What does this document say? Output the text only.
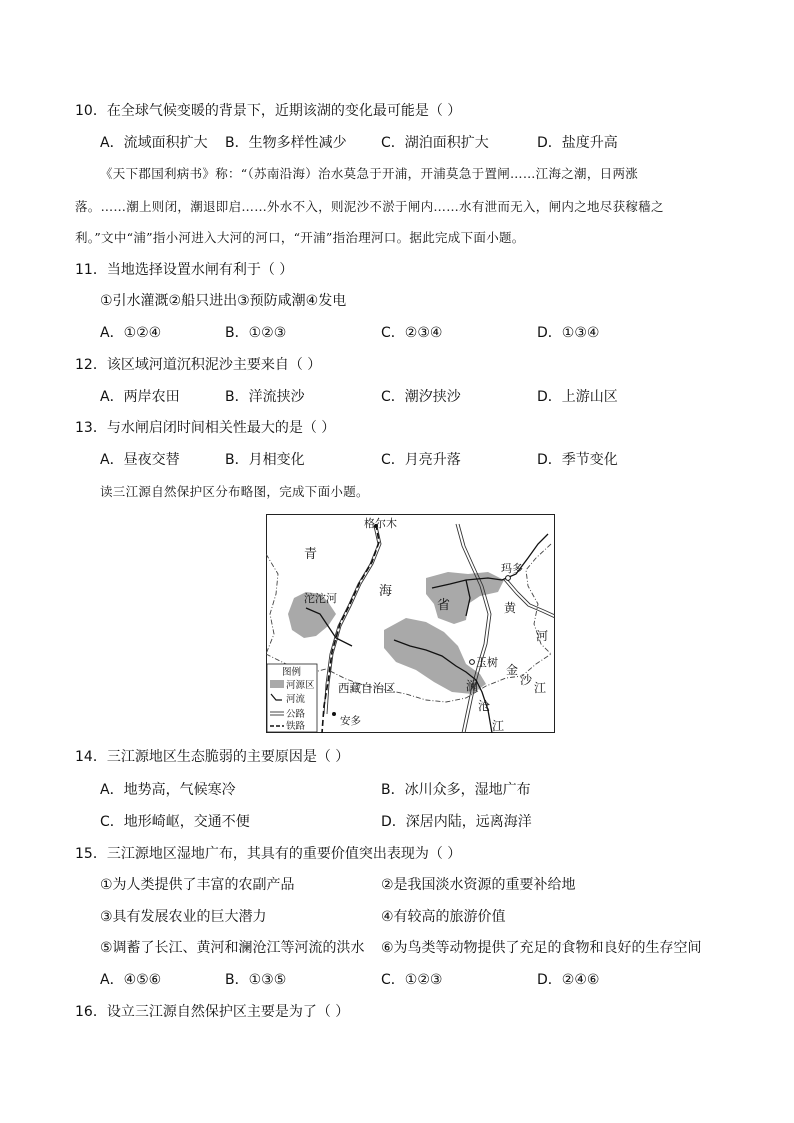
10．在全球气候变暖的背景下，近期该湖的变化最可能是（ ）
A．流域面积扩大 B．生物多样性减少 C．湖泊面积扩大	D．盐度升高
《天下郡国利病书》称：“（苏南沿海）治水莫急于开浦，开浦莫急于置闸……江海之潮，日两涨
落。……潮上则闭，潮退即启……外水不入，则泥沙不淤于闸内……水有泄而无入，闸内之地尽获稼穑之
利。”文中“浦”指小河进入大河的河口，“开浦”指治理河口。据此完成下面小题。
11．当地选择设置水闸有利于（ ）
①引水灌溉②船只进出③预防咸潮④发电
A．①②④	B．①②③	C．②③④	D．①③④
12．该区域河道沉积泥沙主要来自（ ）
A．两岸农田	B．洋流挟沙	C．潮汐挟沙	D．上游山区
13．与水闸启闭时间相关性最大的是（ ）
A．昼夜交替	B．月相变化	C．月亮升落	D．季节变化
读三江源自然保护区分布略图，完成下面小题。
格尔木
青
海
省
沱沱河
玛多
黄
河
玉树
金
沙
江
澜
沧
江
西藏自治区
安多
图例
河源区
河流
公路
铁路
14．三江源地区生态脆弱的主要原因是（ ）
A．地势高，气候寒冷	B．冰川众多，湿地广布
C．地形崎岖，交通不便	D．深居内陆，远离海洋
15．三江源地区湿地广布，其具有的重要价值突出表现为（ ）
①为人类提供了丰富的农副产品	②是我国淡水资源的重要补给地
③具有发展农业的巨大潜力	④有较高的旅游价值
⑤调蓄了长江、黄河和澜沧江等河流的洪水 ⑥为鸟类等动物提供了充足的食物和良好的生存空间
A．④⑤⑥	B．①③⑤	C．①②③	D．②④⑥
16．设立三江源自然保护区主要是为了（ ）
